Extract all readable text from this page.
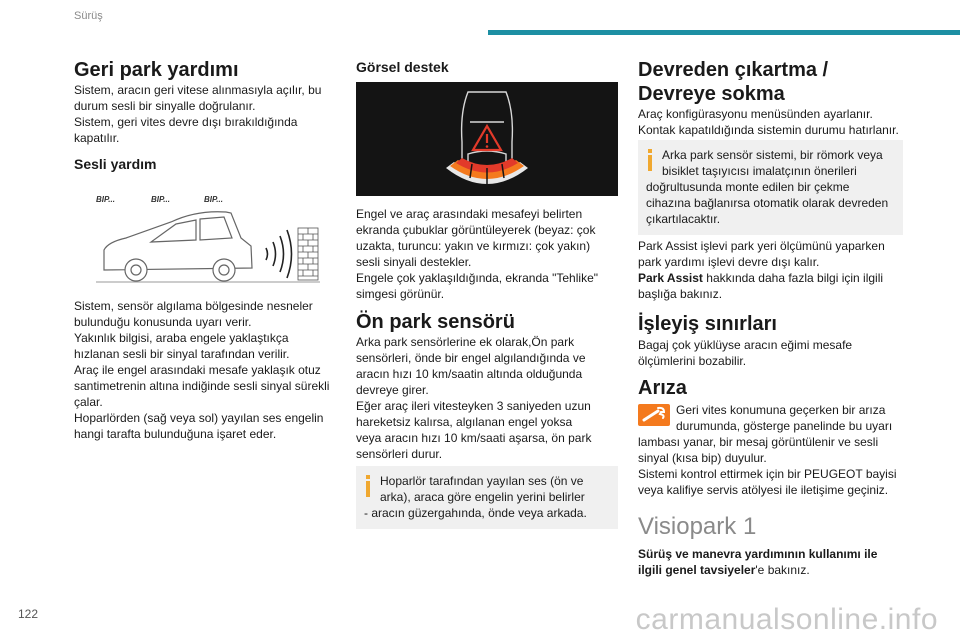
Sürüş
Geri park yardımı
Sistem, aracın geri vitese alınmasıyla açılır, bu
durum sesli bir sinyalle doğrulanır.
Sistem, geri vites devre dışı bırakıldığında
kapatılır.
Sesli yardım
BIP...	BIP...	BIP...
Sistem, sensör algılama bölgesinde nesneler
bulunduğu konusunda uyarı verir.
Yakınlık bilgisi, araba engele yaklaştıkça
hızlanan sesli bir sinyal tarafından verilir.
Araç ile engel arasındaki mesafe yaklaşık otuz
santimetrenin altına indiğinde sesli sinyal sürekli
çalar.
Hoparlörden (sağ veya sol) yayılan ses engelin
hangi tarafta bulunduğuna işaret eder.
Görsel destek
Engel ve araç arasındaki mesafeyi belirten
ekranda çubuklar görüntüleyerek (beyaz: çok
uzakta, turuncu: yakın ve kırmızı: çok yakın)
sesli sinyali destekler.
Engele çok yaklaşıldığında, ekranda "Tehlike"
simgesi görünür.
Ön park sensörü
Arka park sensörlerine ek olarak,Ön park
sensörleri, önde bir engel algılandığında ve
aracın hızı 10 km/saatin altında olduğunda
devreye girer.
Eğer araç ileri vitesteyken 3 saniyeden uzun
hareketsiz kalırsa, algılanan engel yoksa
veya aracın hızı 10 km/saati aşarsa, ön park
sensörleri durur.
Hoparlör tarafından yayılan ses (ön ve
arka), araca göre engelin yerini belirler
- aracın güzergahında, önde veya arkada.
Devreden çıkartma /
Devreye sokma
Araç konfigürasyonu menüsünden ayarlanır.
Kontak kapatıldığında sistemin durumu hatırlanır.
Arka park sensör sistemi, bir römork veya
bisiklet taşıyıcısı imalatçının önerileri
doğrultusunda monte edilen bir çekme
cihazına bağlanırsa otomatik olarak devreden
çıkartılacaktır.
Park Assist işlevi park yeri ölçümünü yaparken
park yardımı işlevi devre dışı kalır.
Park Assist hakkında daha fazla bilgi için ilgili
başlığa bakınız.
İşleyiş sınırları
Bagaj çok yüklüyse aracın eğimi mesafe
ölçümlerini bozabilir.
Arıza
Geri vites konumuna geçerken bir arıza
durumunda, gösterge panelinde bu uyarı
lambası yanar, bir mesaj görüntülenir ve sesli
sinyal (kısa bip) duyulur.
Sistemi kontrol ettirmek için bir PEUGEOT bayisi
veya kalifiye servis atölyesi ile iletişime geçiniz.
Visiopark 1
Sürüş ve manevra yardımının kullanımı ile
ilgili genel tavsiyeler'e bakınız.
122	carmanualsonline.info
